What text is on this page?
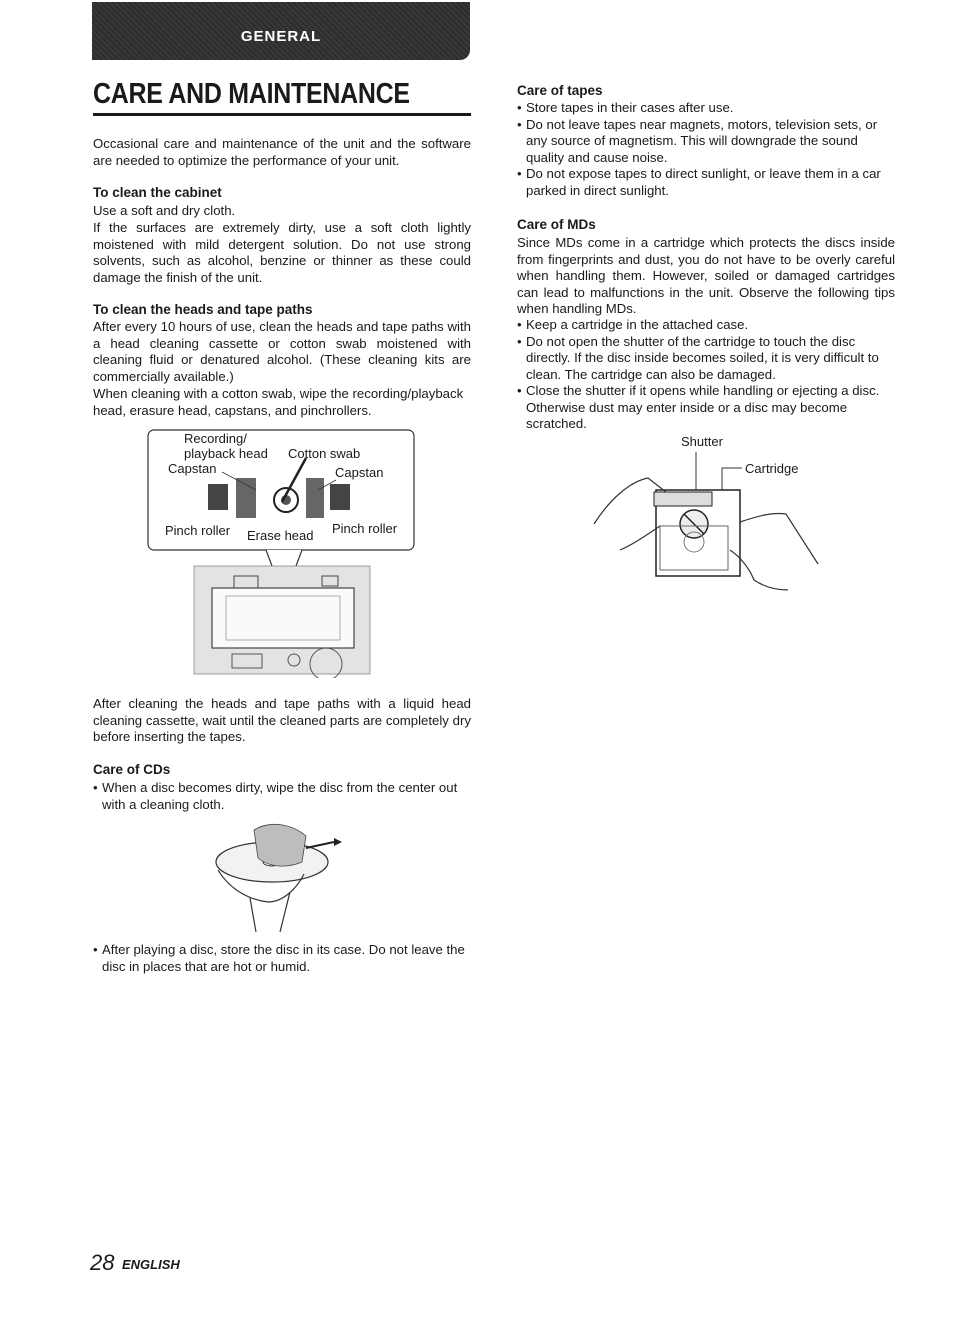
GENERAL
CARE AND MAINTENANCE

Occasional care and maintenance of the unit and the software are needed to optimize the performance of your unit.

To clean the cabinet
Use a soft and dry cloth.
If the surfaces are extremely dirty, use a soft cloth lightly moistened with mild detergent solution. Do not use strong solvents, such as alcohol, benzine or thinner as these could damage the finish of the unit.
To clean the heads and tape paths
After every 10 hours of use, clean the heads and tape paths with a head cleaning cassette or cotton swab moistened with cleaning fluid or denatured alcohol. (These cleaning kits are commercially available.)
When cleaning with a cotton swab, wipe the recording/playback head, erasure head, capstans, and pinchrollers.
Recording/
playback head Cotton swab
Capstan	Capstan
Pinch roller Erase head Pinch roller
After cleaning the heads and tape paths with a liquid head cleaning cassette, wait until the cleaned parts are completely dry before inserting the tapes.
Care of CDs
• When a disc becomes dirty, wipe the disc from the center out with a cleaning cloth.
• After playing a disc, store the disc in its case. Do not leave the disc in places that are hot or humid.
Care of tapes
• Store tapes in their cases after use.
• Do not leave tapes near magnets, motors, television sets, or any source of magnetism. This will downgrade the sound quality and cause noise.
• Do not expose tapes to direct sunlight, or leave them in a car parked in direct sunlight.
Care of MDs
Since MDs come in a cartridge which protects the discs inside from fingerprints and dust, you do not have to be overly careful when handling them. However, soiled or damaged cartridges can lead to malfunctions in the unit. Observe the following tips when handling MDs.
• Keep a cartridge in the attached case.
• Do not open the shutter of the cartridge to touch the disc directly. If the disc inside becomes soiled, it is very difficult to clean. The cartridge can also be damaged.
• Close the shutter if it opens while handling or ejecting a disc. Otherwise dust may enter inside or a disc may become scratched.
Shutter
Cartridge
28 ENGLISH
